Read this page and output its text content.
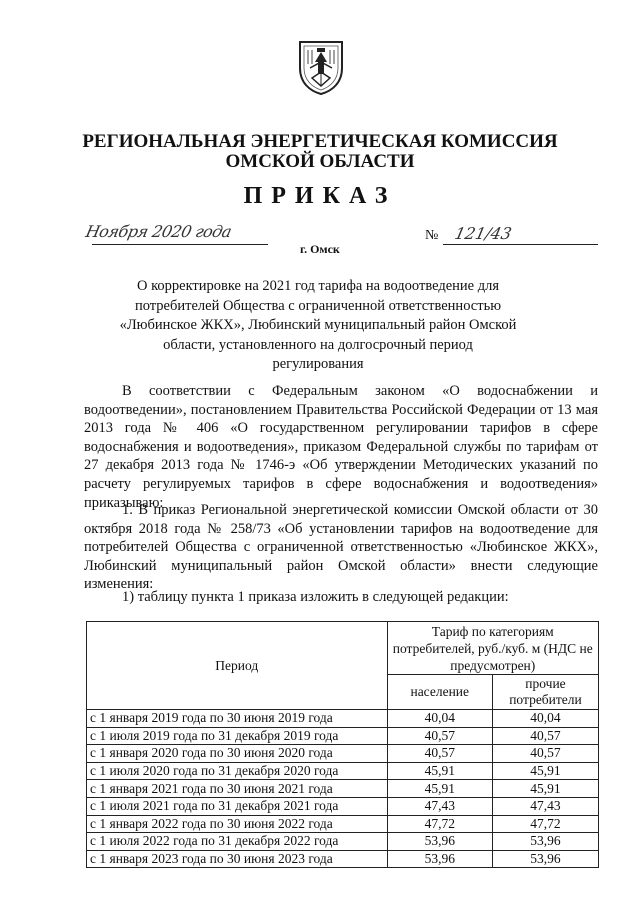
РЕГИОНАЛЬНАЯ ЭНЕРГЕТИЧЕСКАЯ КОМИССИЯ
ОМСКОЙ ОБЛАСТИ
ПРИКАЗ
Ноября 2020 года
г. Омск
№ 121/43
О корректировке на 2021 год тарифа на водоотведение для потребителей Общества с ограниченной ответственностью «Любинское ЖКХ», Любинский муниципальный район Омской области, установленного на долгосрочный период регулирования
В соответствии с Федеральным законом «О водоснабжении и водоотведении», постановлением Правительства Российской Федерации от 13 мая 2013 года № 406 «О государственном регулировании тарифов в сфере водоснабжения и водоотведения», приказом Федеральной службы по тарифам от 27 декабря 2013 года № 1746-э «Об утверждении Методических указаний по расчету регулируемых тарифов в сфере водоснабжения и водоотведения» приказываю:
1. В приказ Региональной энергетической комиссии Омской области от 30 октября 2018 года № 258/73 «Об установлении тарифов на водоотведение для потребителей Общества с ограниченной ответственностью «Любинское ЖКХ», Любинский муниципальный район Омской области» внести следующие изменения:
1) таблицу пункта 1 приказа изложить в следующей редакции:
Период	Тариф по категориям потребителей, руб./куб. м (НДС не предусмотрен)	
	население	прочие потребители
с 1 января 2019 года по 30 июня 2019 года	40,04	40,04
с 1 июля 2019 года по 31 декабря 2019 года	40,57	40,57
с 1 января 2020 года по 30 июня 2020 года	40,57	40,57
с 1 июля 2020 года по 31 декабря 2020 года	45,91	45,91
с 1 января 2021 года по 30 июня 2021 года	45,91	45,91
с 1 июля 2021 года по 31 декабря 2021 года	47,43	47,43
с 1 января 2022 года по 30 июня 2022 года	47,72	47,72
с 1 июля 2022 года по 31 декабря 2022 года	53,96	53,96
с 1 января 2023 года по 30 июня 2023 года	53,96	53,96
